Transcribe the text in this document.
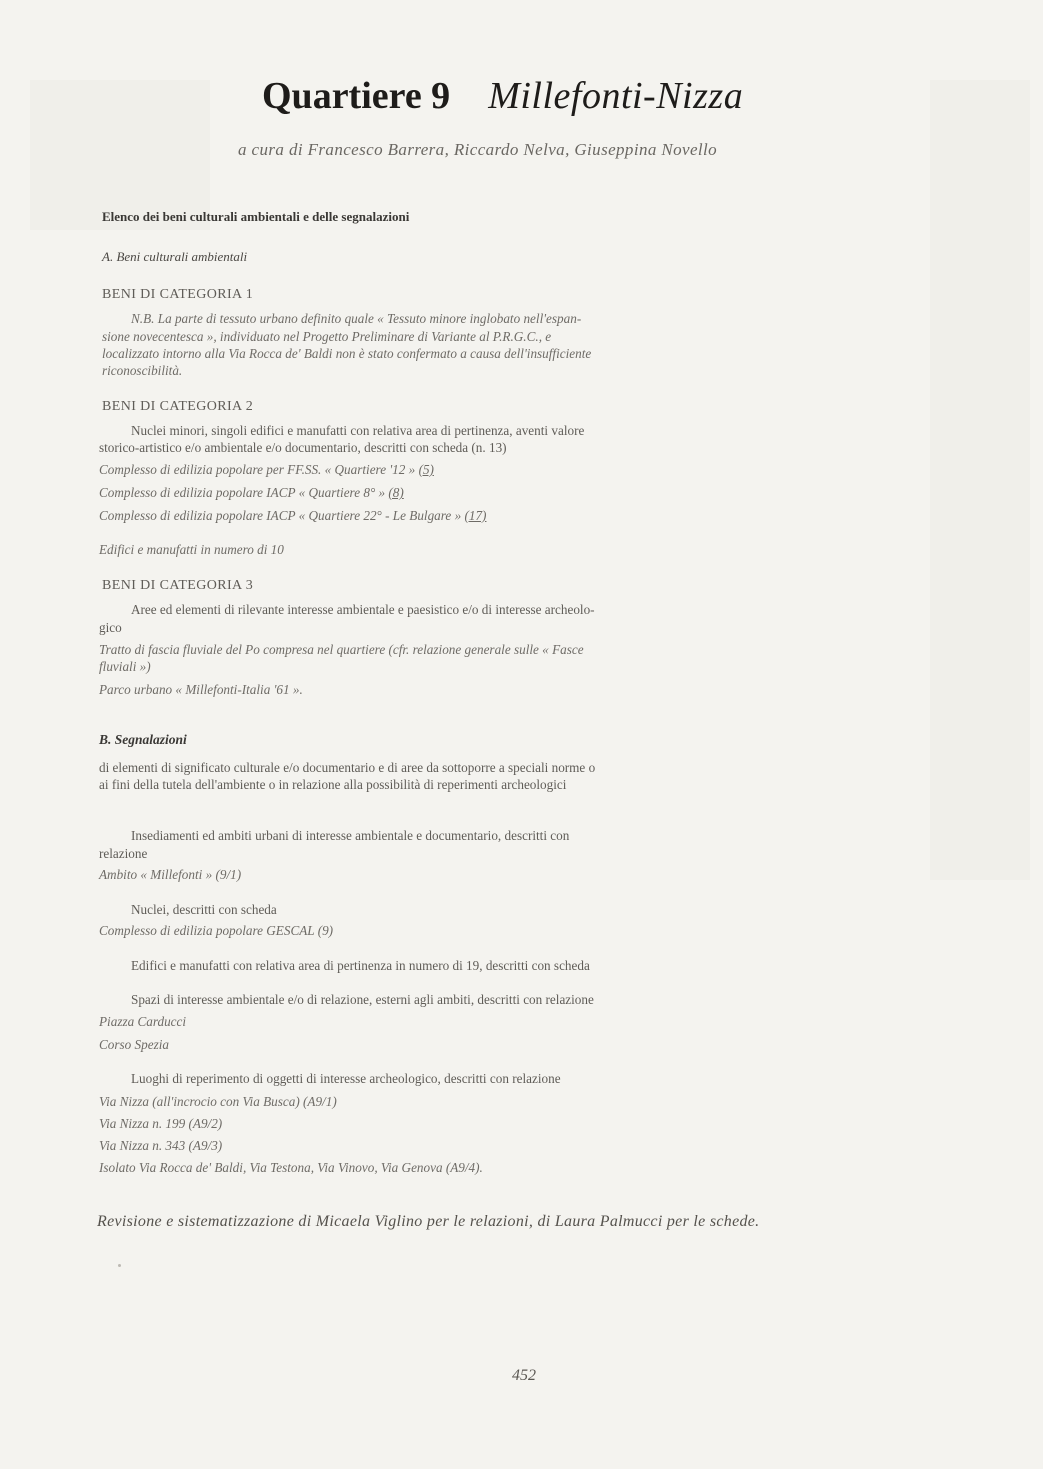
Quartiere 9 Millefonti-Nizza
a cura di Francesco Barrera, Riccardo Nelva, Giuseppina Novello
Elenco dei beni culturali ambientali e delle segnalazioni
A. Beni culturali ambientali
BENI DI CATEGORIA 1
N.B. La parte di tessuto urbano definito quale « Tessuto minore inglobato nell'espan-
sione novecentesca », individuato nel Progetto Preliminare di Variante al P.R.G.C., e
localizzato intorno alla Via Rocca de' Baldi non è stato confermato a causa dell'insufficiente
riconoscibilità.
BENI DI CATEGORIA 2
Nuclei minori, singoli edifici e manufatti con relativa area di pertinenza, aventi valore
storico-artistico e/o ambientale e/o documentario, descritti con scheda (n. 13)
Complesso di edilizia popolare per FF.SS. « Quartiere '12 » (5)
Complesso di edilizia popolare IACP « Quartiere 8° » (8)
Complesso di edilizia popolare IACP « Quartiere 22° - Le Bulgare » (17)
Edifici e manufatti in numero di 10
BENI DI CATEGORIA 3
Aree ed elementi di rilevante interesse ambientale e paesistico e/o di interesse archeolo-
gico
Tratto di fascia fluviale del Po compresa nel quartiere (cfr. relazione generale sulle « Fasce
fluviali »)
Parco urbano « Millefonti-Italia '61 ».
B. Segnalazioni
di elementi di significato culturale e/o documentario e di aree da sottoporre a speciali norme o
ai fini della tutela dell'ambiente o in relazione alla possibilità di reperimenti archeologici
Insediamenti ed ambiti urbani di interesse ambientale e documentario, descritti con
relazione
Ambito « Millefonti » (9/1)
Nuclei, descritti con scheda
Complesso di edilizia popolare GESCAL (9)
Edifici e manufatti con relativa area di pertinenza in numero di 19, descritti con scheda
Spazi di interesse ambientale e/o di relazione, esterni agli ambiti, descritti con relazione
Piazza Carducci
Corso Spezia
Luoghi di reperimento di oggetti di interesse archeologico, descritti con relazione
Via Nizza (all'incrocio con Via Busca) (A9/1)
Via Nizza n. 199 (A9/2)
Via Nizza n. 343 (A9/3)
Isolato Via Rocca de' Baldi, Via Testona, Via Vinovo, Via Genova (A9/4).
Revisione e sistematizzazione di Micaela Viglino per le relazioni, di Laura Palmucci per le schede.
452
